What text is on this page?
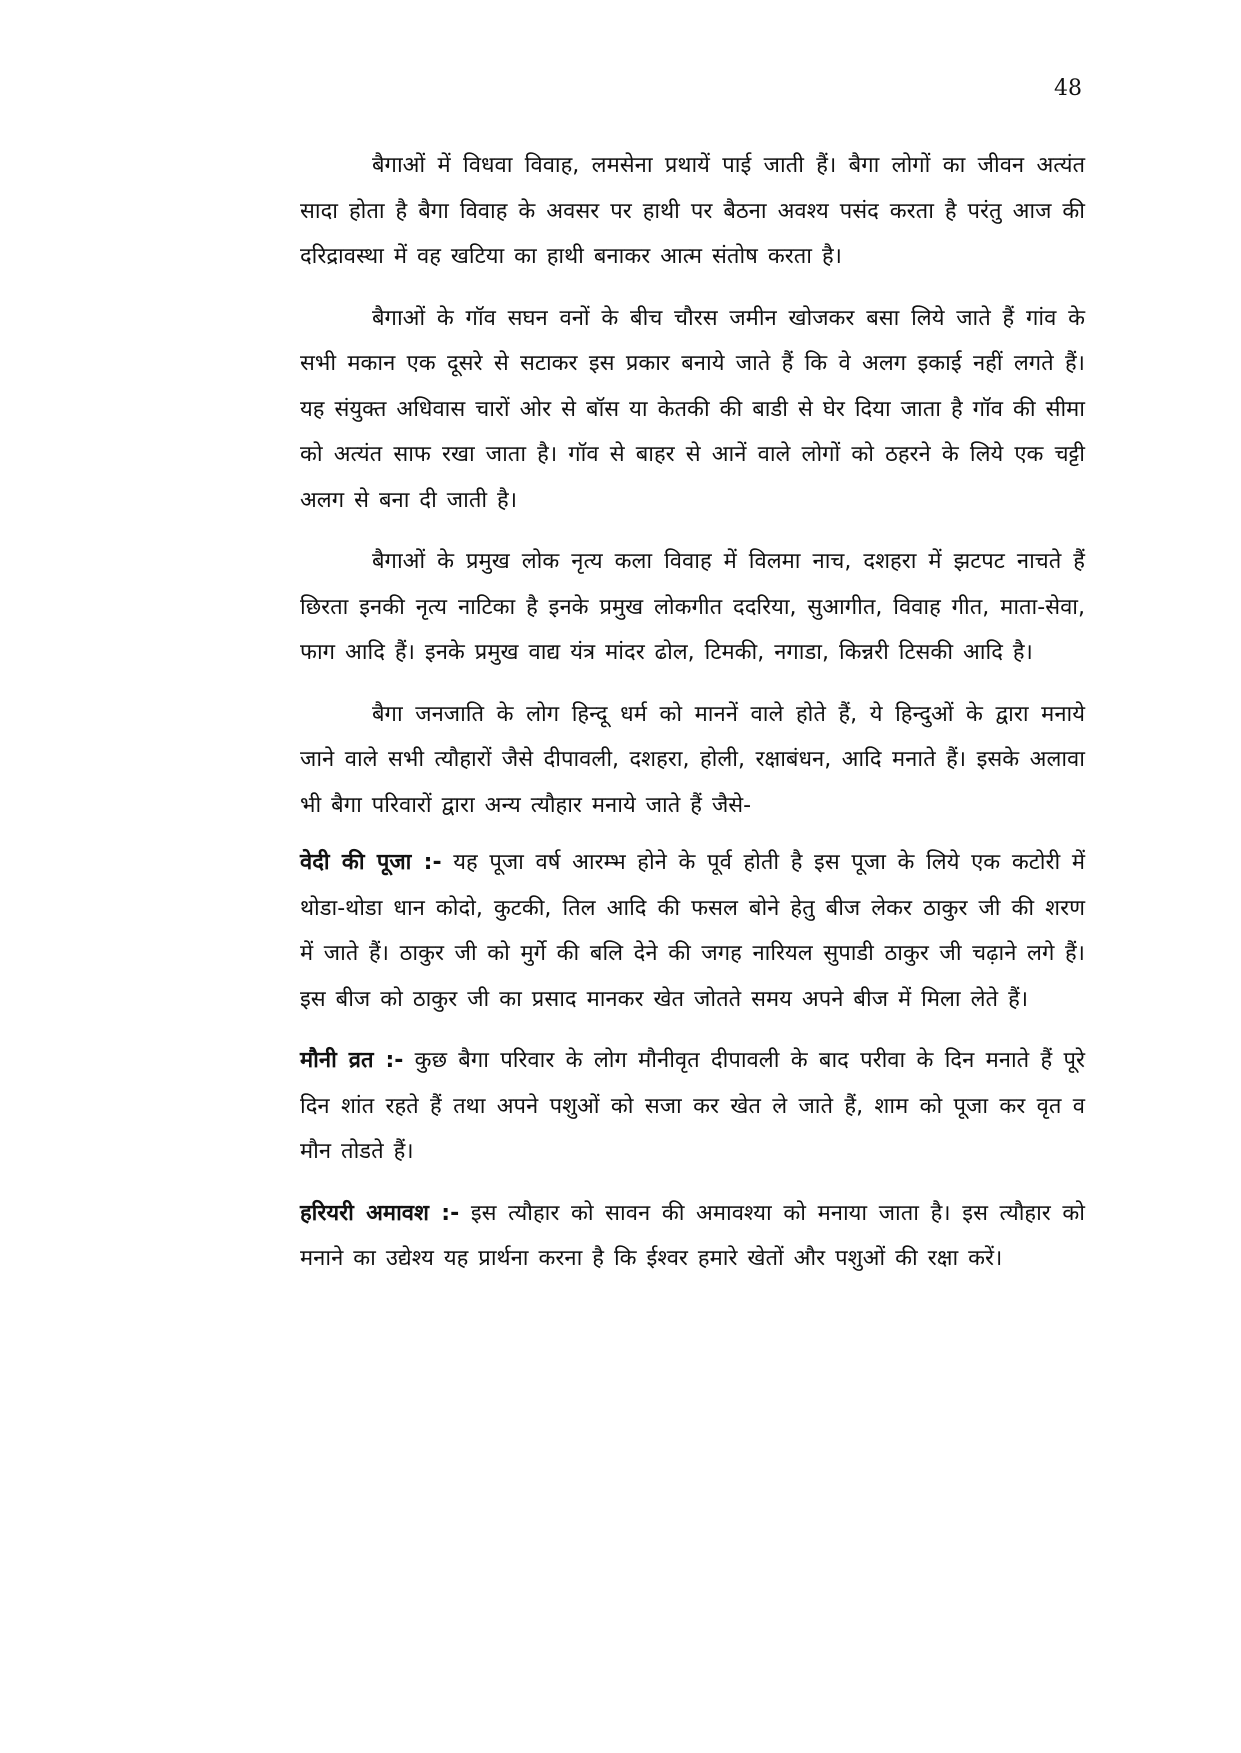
48

बैगाओं में विधवा विवाह, लमसेना प्रथायें पाई जाती हैं। बैगा लोगों का जीवन अत्यंत सादा होता है बैगा विवाह के अवसर पर हाथी पर बैठना अवश्य पसंद करता है परंतु आज की दरिद्रावस्था में वह खटिया का हाथी बनाकर आत्म संतोष करता है।

बैगाओं के गॉव सघन वनों के बीच चौरस जमीन खोजकर बसा लिये जाते हैं गांव के सभी मकान एक दूसरे से सटाकर इस प्रकार बनाये जाते हैं कि वे अलग इकाई नहीं लगते हैं। यह संयुक्त अधिवास चारों ओर से बॉस या केतकी की बाडी से घेर दिया जाता है गॉव की सीमा को अत्यंत साफ रखा जाता है। गॉव से बाहर से आनें वाले लोगों को ठहरने के लिये एक चट्टी अलग से बना दी जाती है।

बैगाओं के प्रमुख लोक नृत्य कला विवाह में विलमा नाच, दशहरा में झटपट नाचते हैं छिरता इनकी नृत्य नाटिका है इनके प्रमुख लोकगीत ददरिया, सुआगीत, विवाह गीत, माता-सेवा, फाग आदि हैं। इनके प्रमुख वाद्य यंत्र मांदर ढोल, टिमकी, नगाडा, किन्नरी टिसकी आदि है।

बैगा जनजाति के लोग हिन्दू धर्म को माननें वाले होते हैं, ये हिन्दुओं के द्वारा मनाये जाने वाले सभी त्यौहारों जैसे दीपावली, दशहरा, होली, रक्षाबंधन, आदि मनाते हैं। इसके अलावा भी बैगा परिवारों द्वारा अन्य त्यौहार मनाये जाते हैं जैसे-

वेदी की पूजा :- यह पूजा वर्ष आरम्भ होने के पूर्व होती है इस पूजा के लिये एक कटोरी में थोडा-थोडा धान कोदो, कुटकी, तिल आदि की फसल बोने हेतु बीज लेकर ठाकुर जी की शरण में जाते हैं। ठाकुर जी को मुर्गे की बलि देने की जगह नारियल सुपाडी ठाकुर जी चढ़ाने लगे हैं। इस बीज को ठाकुर जी का प्रसाद मानकर खेत जोतते समय अपने बीज में मिला लेते हैं।

मौनी व्रत :- कुछ बैगा परिवार के लोग मौनीवृत दीपावली के बाद परीवा के दिन मनाते हैं पूरे दिन शांत रहते हैं तथा अपने पशुओं को सजा कर खेत ले जाते हैं, शाम को पूजा कर वृत व मौन तोडते हैं।

हरियरी अमावश :- इस त्यौहार को सावन की अमावश्या को मनाया जाता है। इस त्यौहार को मनाने का उद्येश्य यह प्रार्थना करना है कि ईश्वर हमारे खेतों और पशुओं की रक्षा करें।
